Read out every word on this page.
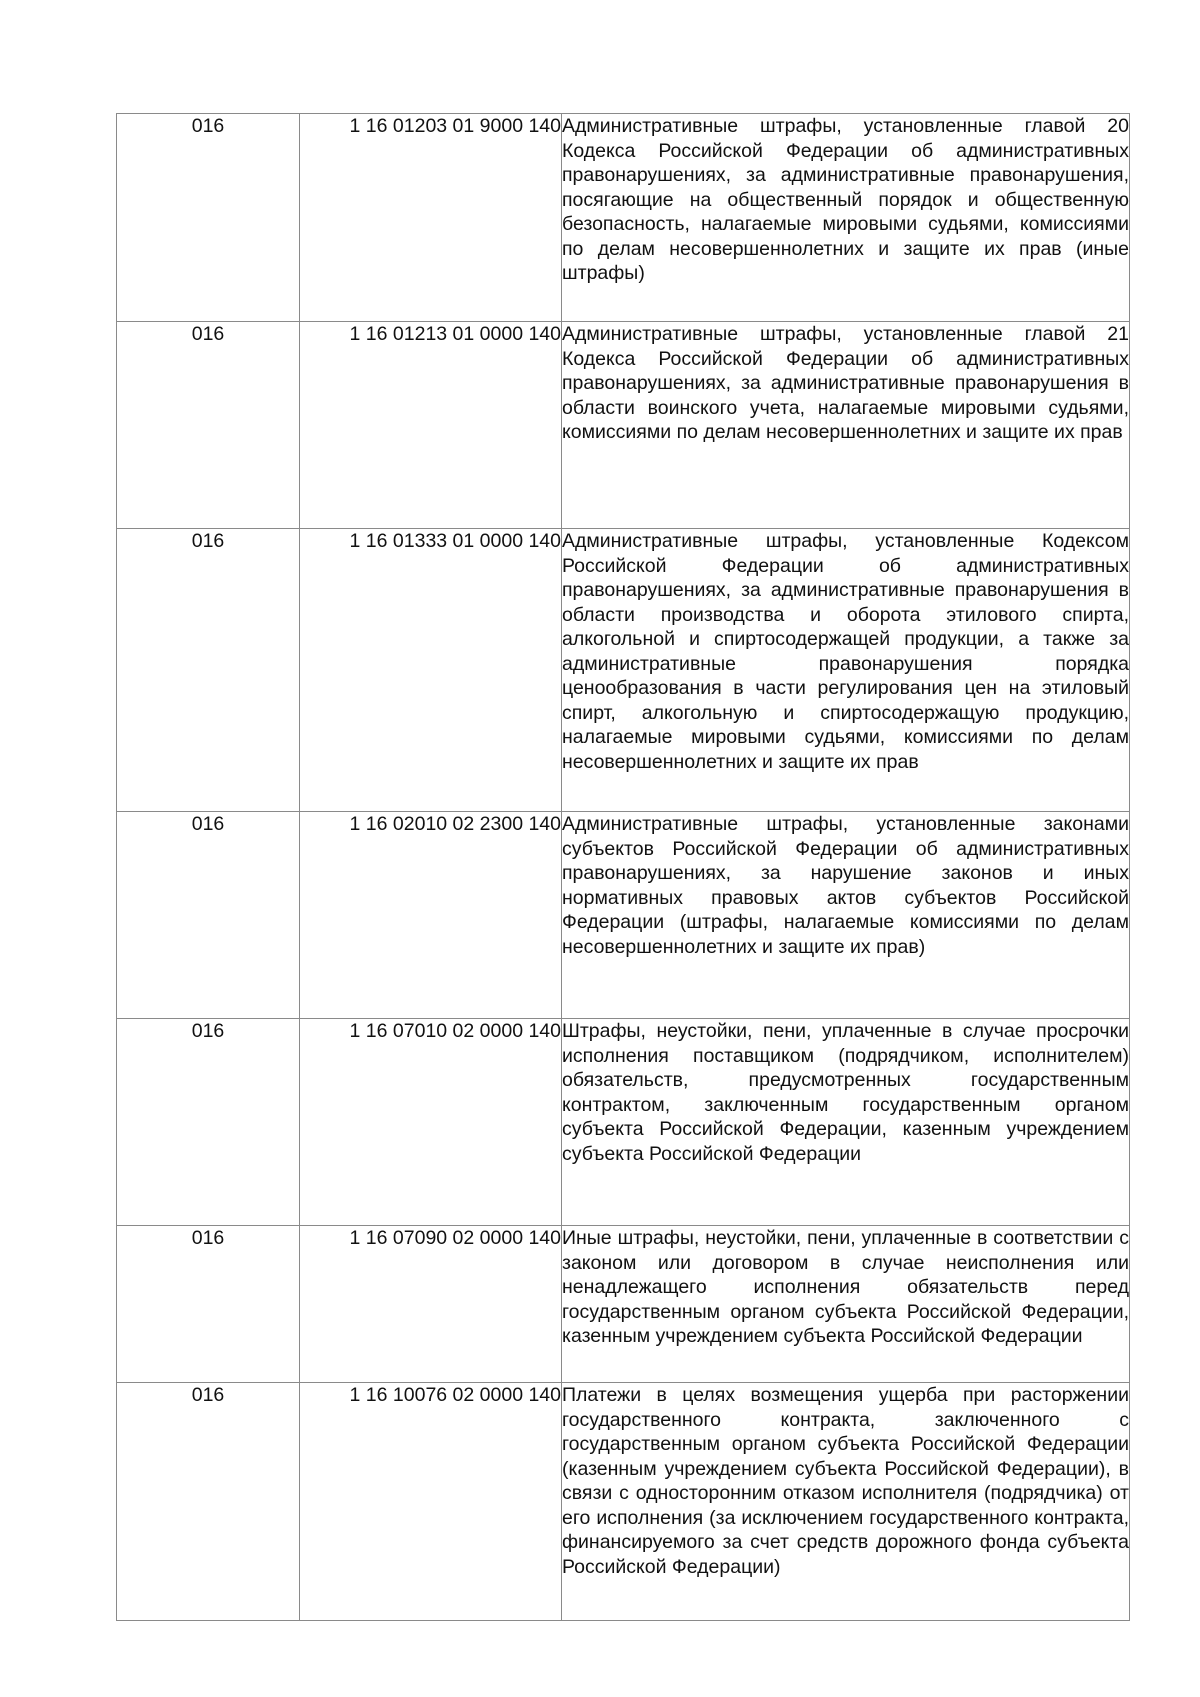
016	1 16 01203 01 9000 140	Административные штрафы, установленные главой 20 Кодекса Российской Федерации об административных правонарушениях, за административные правонарушения, посягающие на общественный порядок и общественную безопасность, налагаемые мировыми судьями, комиссиями по делам несовершеннолетних и защите их прав (иные штрафы)

016	1 16 01213 01 0000 140	Административные штрафы, установленные главой 21 Кодекса Российской Федерации об административных правонарушениях, за административные правонарушения в области воинского учета, налагаемые мировыми судьями, комиссиями по делам несовершеннолетних и защите их прав

016	1 16 01333 01 0000 140	Административные штрафы, установленные Кодексом Российской Федерации об административных правонарушениях, за административные правонарушения в области производства и оборота этилового спирта, алкогольной и спиртосодержащей продукции, а также за административные правонарушения порядка ценообразования в части регулирования цен на этиловый спирт, алкогольную и спиртосодержащую продукцию, налагаемые мировыми судьями, комиссиями по делам несовершеннолетних и защите их прав

016	1 16 02010 02 2300 140	Административные штрафы, установленные законами субъектов Российской Федерации об административных правонарушениях, за нарушение законов и иных нормативных правовых актов субъектов Российской Федерации (штрафы, налагаемые комиссиями по делам несовершеннолетних и защите их прав)

016	1 16 07010 02 0000 140	Штрафы, неустойки, пени, уплаченные в случае просрочки исполнения поставщиком (подрядчиком, исполнителем) обязательств, предусмотренных государственным контрактом, заключенным государственным органом субъекта Российской Федерации, казенным учреждением субъекта Российской Федерации

016	1 16 07090 02 0000 140	Иные штрафы, неустойки, пени, уплаченные в соответствии с законом или договором в случае неисполнения или ненадлежащего исполнения обязательств перед государственным органом субъекта Российской Федерации, казенным учреждением субъекта Российской Федерации

016	1 16 10076 02 0000 140	Платежи в целях возмещения ущерба при расторжении государственного контракта, заключенного с государственным органом субъекта Российской Федерации (казенным учреждением субъекта Российской Федерации), в связи с односторонним отказом исполнителя (подрядчика) от его исполнения (за исключением государственного контракта, финансируемого за счет средств дорожного фонда субъекта Российской Федерации)
